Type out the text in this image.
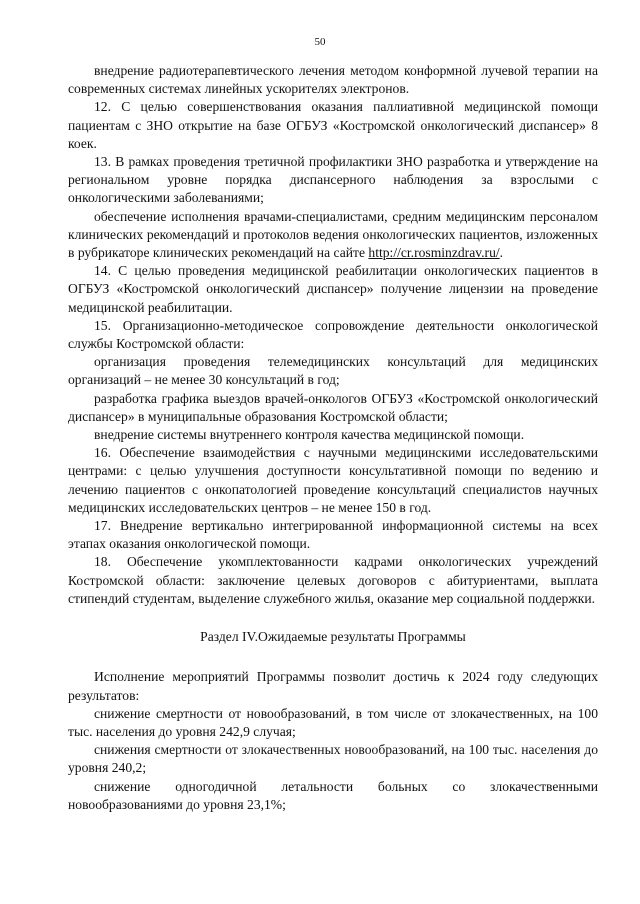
50

внедрение радиотерапевтического лечения методом конформной лучевой терапии на современных системах линейных ускорителях электронов.

12. С целью совершенствования оказания паллиативной медицинской помощи пациентам с ЗНО открытие на базе ОГБУЗ «Костромской онкологический диспансер» 8 коек.

13. В рамках проведения третичной профилактики ЗНО разработка и утверждение на региональном уровне порядка диспансерного наблюдения за взрослыми с онкологическими заболеваниями;

обеспечение исполнения врачами-специалистами, средним медицинским персоналом клинических рекомендаций и протоколов ведения онкологических пациентов, изложенных в рубрикаторе клинических рекомендаций на сайте http://cr.rosminzdrav.ru/.

14. С целью проведения медицинской реабилитации онкологических пациентов в ОГБУЗ «Костромской онкологический диспансер» получение лицензии на проведение медицинской реабилитации.

15. Организационно-методическое сопровождение деятельности онкологической службы Костромской области:

организация проведения телемедицинских консультаций для медицинских организаций – не менее 30 консультаций в год;

разработка графика выездов врачей-онкологов ОГБУЗ «Костромской онкологический диспансер» в муниципальные образования Костромской области;

внедрение системы внутреннего контроля качества медицинской помощи.

16. Обеспечение взаимодействия с научными медицинскими исследовательскими центрами: с целью улучшения доступности консультативной помощи по ведению и лечению пациентов с онкопатологией проведение консультаций специалистов научных медицинских исследовательских центров – не менее 150 в год.

17. Внедрение вертикально интегрированной информационной системы на всех этапах оказания онкологической помощи.

18. Обеспечение укомплектованности кадрами онкологических учреждений Костромской области: заключение целевых договоров с абитуриентами, выплата стипендий студентам, выделение служебного жилья, оказание мер социальной поддержки.

Раздел IV.Ожидаемые результаты Программы

Исполнение мероприятий Программы позволит достичь к 2024 году следующих результатов:

снижение смертности от новообразований, в том числе от злокачественных, на 100 тыс. населения до уровня 242,9 случая;

снижения смертности от злокачественных новообразований, на 100 тыс. населения до уровня 240,2;

снижение одногодичной летальности больных со злокачественными новообразованиями до уровня 23,1%;
